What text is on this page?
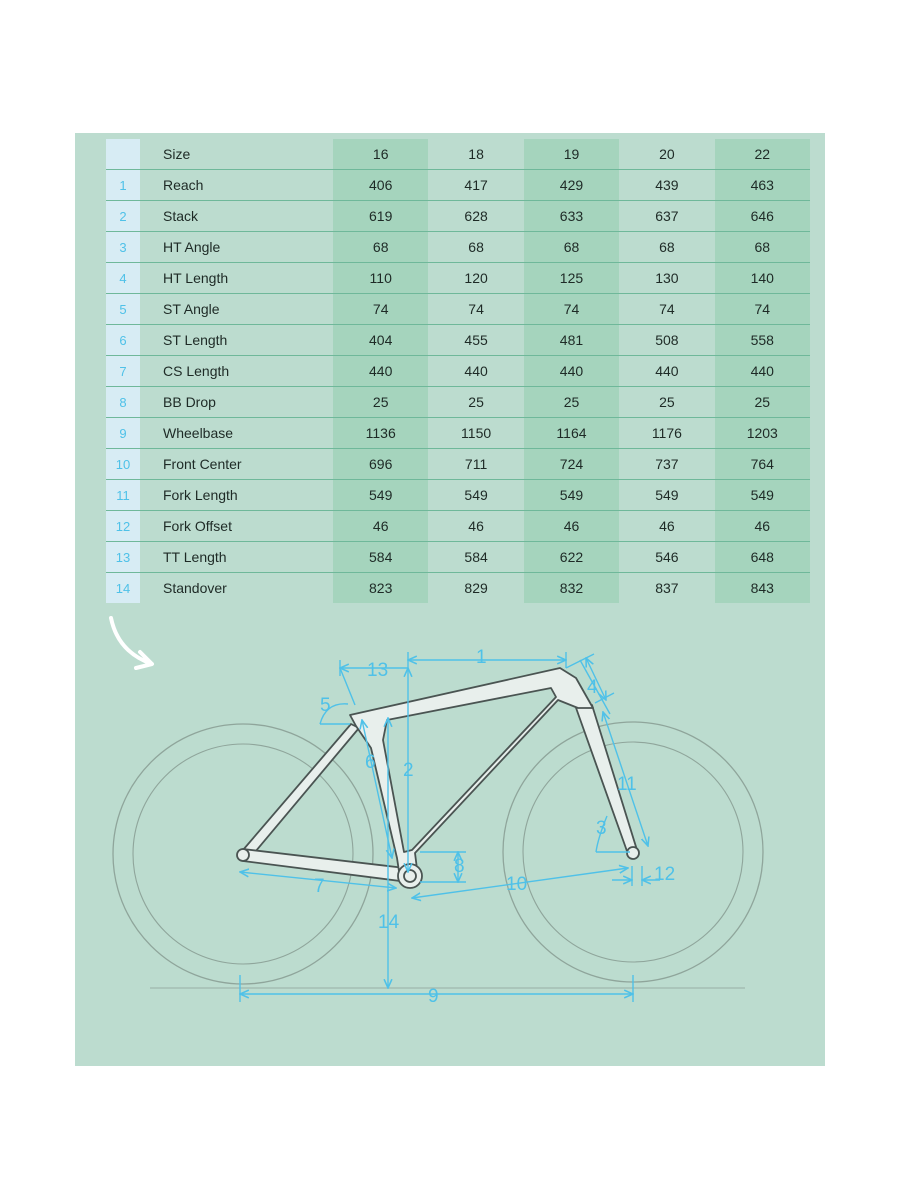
	Size	16	18	19	20	22
1	Reach	406	417	429	439	463
2	Stack	619	628	633	637	646
3	HT Angle	68	68	68	68	68
4	HT Length	110	120	125	130	140
5	ST Angle	74	74	74	74	74
6	ST Length	404	455	481	508	558
7	CS Length	440	440	440	440	440
8	BB Drop	25	25	25	25	25
9	Wheelbase	1136	1150	1164	1176	1203
10	Front Center	696	711	724	737	764
11	Fork Length	549	549	549	549	549
12	Fork Offset	46	46	46	46	46
13	TT Length	584	584	622	546	648
14	Standover	823	829	832	837	843
1
2
3
4
5
6
7
8
9
10
11
12
13
14
